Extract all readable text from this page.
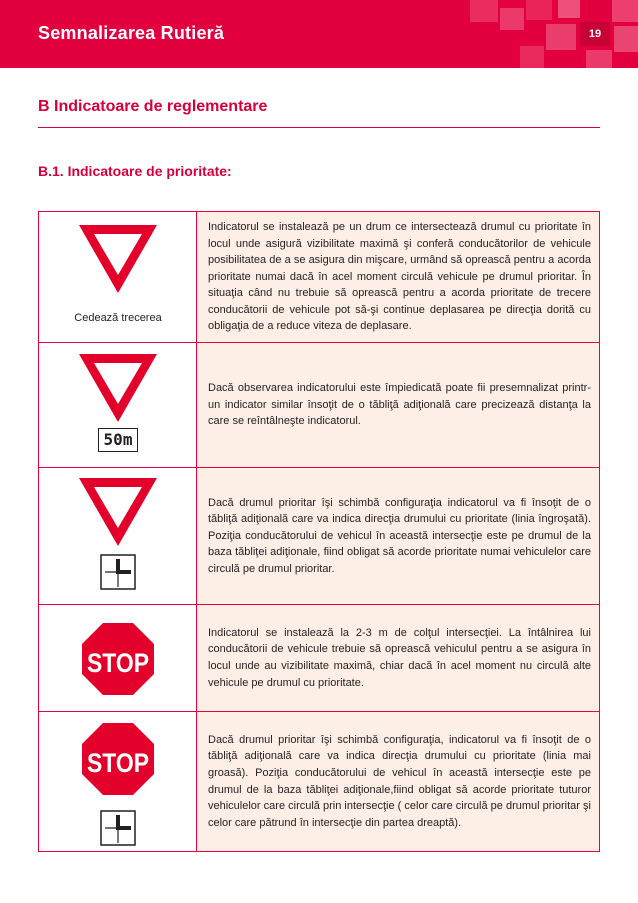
Semnalizarea Rutieră	19
B Indicatoare de reglementare
B.1. Indicatoare de prioritate:
Cedează trecerea

Indicatorul se instalează pe un drum ce intersectează drumul cu prioritate în locul unde asigură vizibilitate maximă şi conferă conducătorilor de vehicule posibilitatea de a se asigura din mişcare, urmând să oprească pentru a acorda prioritate numai dacă în acel moment circulă vehicule pe drumul prioritar. În situaţia când nu trebuie să oprească pentru a acorda prioritate de trecere conducătorii de vehicule pot să-şi continue deplasarea pe direcţia dorită cu obligaţia de a reduce viteza de deplasare.

50m

Dacă observarea indicatorului este împiedicată poate fii presemnalizat printr-un indicator similar însoţit de o tăbliţă adiţională care precizează distanţa la care se reîntâlneşte indicatorul.

Dacă drumul prioritar îşi schimbă configuraţia indicatorul va fi însoţit de o tăbliţă adiţională care va indica direcţia drumului cu prioritate (linia îngroşată). Poziţia conducătorului de vehicul în această intersecţie este pe drumul de la baza tăbliţei adiţionale, fiind obligat să acorde prioritate numai vehiculelor care circulă pe drumul prioritar.

STOP

Indicatorul se instalează la 2-3 m de colţul intersecţiei. La întâlnirea lui conducătorii de vehicule trebuie să oprească vehiculul pentru a se asigura în locul unde au vizibilitate maximă, chiar dacă în acel moment nu circulă alte vehicule pe drumul cu prioritate.

STOP

Dacă drumul prioritar îşi schimbă configuraţia, indicatorul va fi însoţit de o tăbliţă adiţională care va indica direcţia drumului cu prioritate (linia mai groasă). Poziţia conducătorului de vehicul în această intersecţie este pe drumul de la baza tăbliţei adiţionale,fiind obligat să acorde prioritate tuturor vehiculelor care circulă prin intersecţie ( celor care circulă pe drumul prioritar şi celor care pătrund în intersecţie din partea dreaptă).
